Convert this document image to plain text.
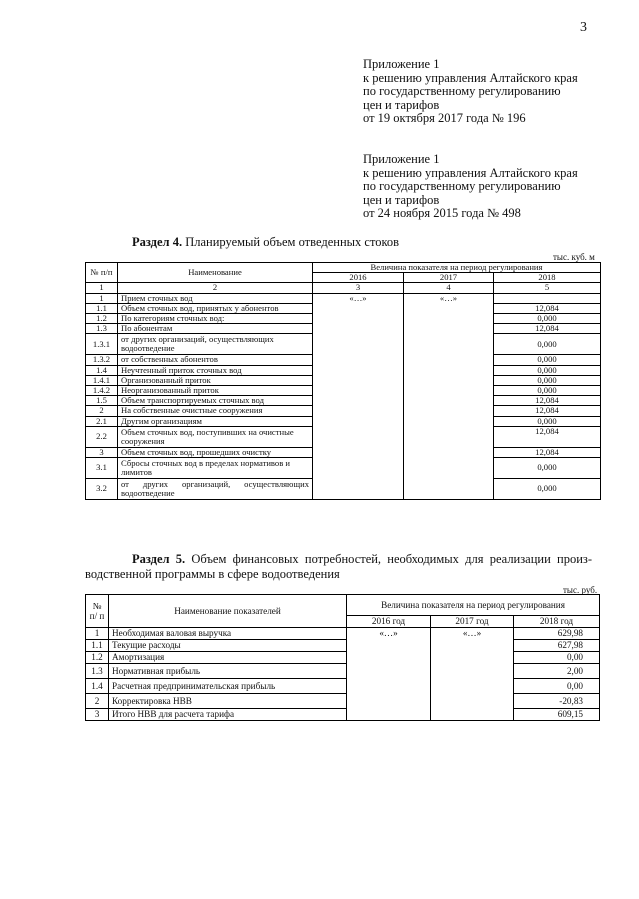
3
Приложение 1
к решению управления Алтайского края
по государственному регулированию
цен и тарифов
от 19 октября 2017 года № 196
Приложение 1
к решению управления Алтайского края
по государственному регулированию
цен и тарифов
от 24 ноября 2015 года № 498
Раздел 4. Планируемый объем отведенных стоков
тыс. куб. м
№ п/п	Наименование	Величина показателя на период регулирования		
		2016	2017	2018
1	2	3	4	5
1	Прием сточных вод	«…»	«…»	
1.1	Объем сточных вод, принятых у абонентов			12,084
1.2	По категориям сточных вод:			0,000
1.3	По абонентам			12,084
1.3.1	от других организаций, осуществляющих водоотведение			0,000
1.3.2	от собственных абонентов			0,000
1.4	Неучтенный приток сточных вод			0,000
1.4.1	Организованный приток			0,000
1.4.2	Неорганизованный приток			0,000
1.5	Объем транспортируемых сточных вод			12,084
2	На собственные очистные сооружения			12,084
2.1	Другим организациям			0,000
2.2	Объем сточных вод, поступивших на очистные сооружения			12,084
3	Объем сточных вод, прошедших очистку			12,084
3.1	Сбросы сточных вод в пределах нормативов и лимитов			0,000
3.2	от других организаций, осуществляющих водоотведение			0,000
Раздел 5. Объем финансовых потребностей, необходимых для реализации произ-
водственной программы в сфере водоотведения
тыс. руб.
№ п/ п	Наименование показателей	Величина показателя на период регулирования		
		2016 год	2017 год	2018 год
1	Необходимая валовая выручка	«…»	«…»	629,98
1.1	Текущие расходы			627,98
1.2	Амортизация			0,00
1.3	Нормативная прибыль			2,00
1.4	Расчетная предпринимательская прибыль			0,00
2	Корректировка НВВ			-20,83
3	Итого НВВ для расчета тарифа			609,15
